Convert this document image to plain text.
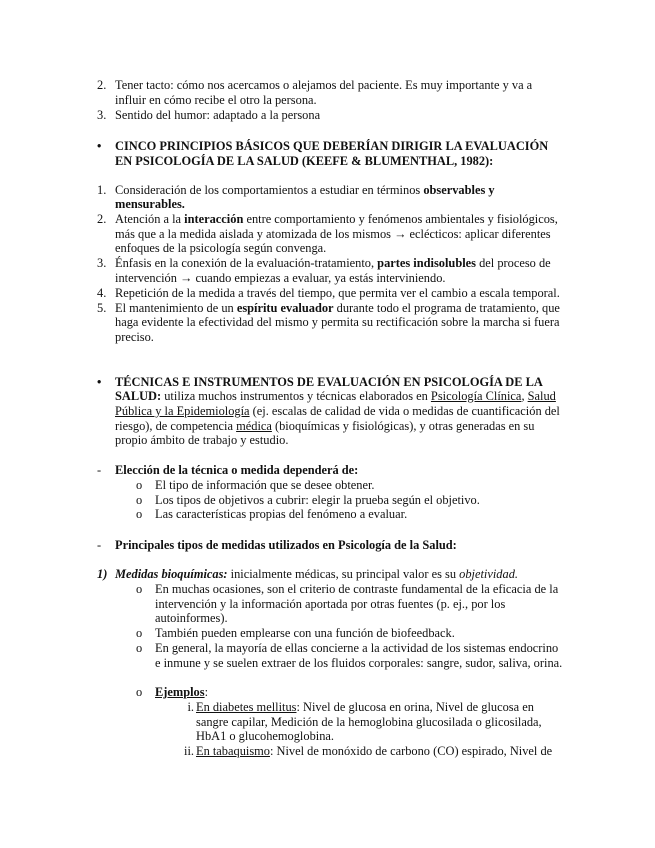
2. Tener tacto: cómo nos acercamos o alejamos del paciente. Es muy importante y va a
influir en cómo recibe el otro la persona.
3. Sentido del humor: adaptado a la persona
• CINCO PRINCIPIOS BÁSICOS QUE DEBERÍAN DIRIGIR LA EVALUACIÓN
EN PSICOLOGÍA DE LA SALUD (KEEFE & BLUMENTHAL, 1982):
1. Consideración de los comportamientos a estudiar en términos observables y
mensurables.
2. Atención a la interacción entre comportamiento y fenómenos ambientales y fisiológicos,
más que a la medida aislada y atomizada de los mismos → eclécticos: aplicar diferentes
enfoques de la psicología según convenga.
3. Énfasis en la conexión de la evaluación-tratamiento, partes indisolubles del proceso de
intervención → cuando empiezas a evaluar, ya estás interviniendo.
4. Repetición de la medida a través del tiempo, que permita ver el cambio a escala temporal.
5. El mantenimiento de un espíritu evaluador durante todo el programa de tratamiento, que
haga evidente la efectividad del mismo y permita su rectificación sobre la marcha si fuera
preciso.
• TÉCNICAS E INSTRUMENTOS DE EVALUACIÓN EN PSICOLOGÍA DE LA
SALUD: utiliza muchos instrumentos y técnicas elaborados en Psicología Clínica, Salud
Pública y la Epidemiología (ej. escalas de calidad de vida o medidas de cuantificación del
riesgo), de competencia médica (bioquímicas y fisiológicas), y otras generadas en su
propio ámbito de trabajo y estudio.
- Elección de la técnica o medida dependerá de:
o El tipo de información que se desee obtener.
o Los tipos de objetivos a cubrir: elegir la prueba según el objetivo.
o Las características propias del fenómeno a evaluar.
- Principales tipos de medidas utilizados en Psicología de la Salud:
1) Medidas bioquímicas: inicialmente médicas, su principal valor es su objetividad.
o En muchas ocasiones, son el criterio de contraste fundamental de la eficacia de la
intervención y la información aportada por otras fuentes (p. ej., por los
autoinformes).
o También pueden emplearse con una función de biofeedback.
o En general, la mayoría de ellas concierne a la actividad de los sistemas endocrino
e inmune y se suelen extraer de los fluidos corporales: sangre, sudor, saliva, orina.
o Ejemplos:
i. En diabetes mellitus: Nivel de glucosa en orina, Nivel de glucosa en
sangre capilar, Medición de la hemoglobina glucosilada o glicosilada,
HbA1 o glucohemoglobina.
ii. En tabaquismo: Nivel de monóxido de carbono (CO) espirado, Nivel de
